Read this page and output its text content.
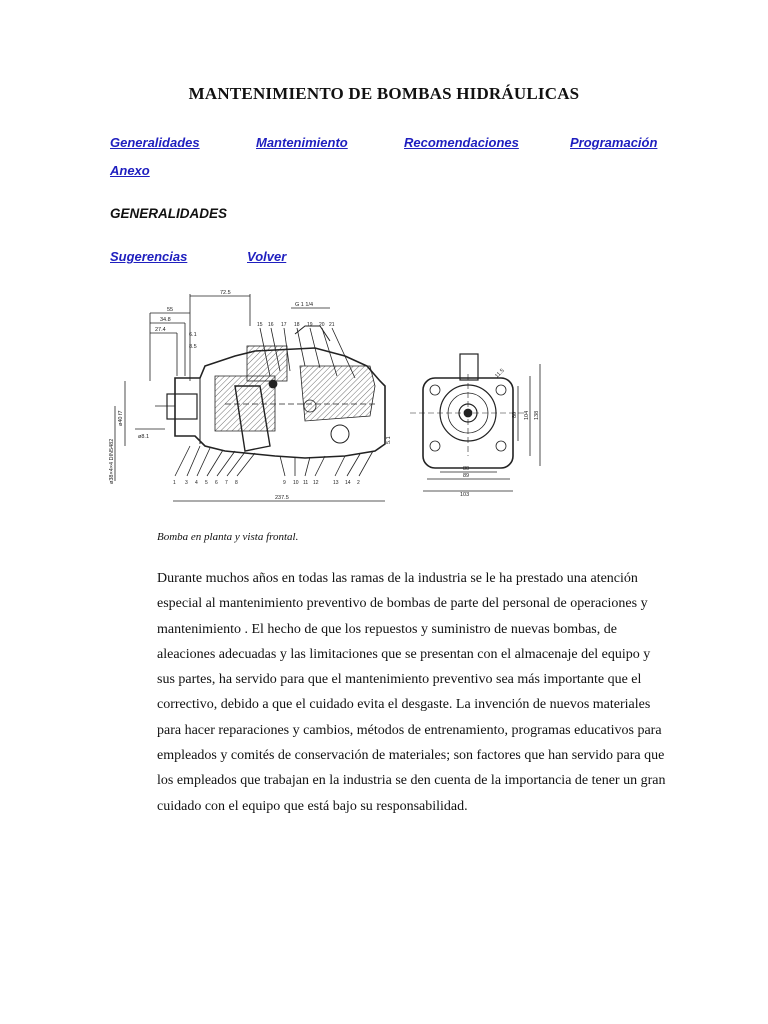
MANTENIMIENTO DE BOMBAS HIDRÁULICAS
Generalidades	Mantenimiento	Recomendaciones	Programación
Anexo
GENERALIDADES
Sugerencias	Volver
55
72.5
34.8
27.4
6.1
8.5
G 1 1/4
ø40 f7
ø8.1
ø38×4×4 DIN5482
237.5
5.1
15 16 17 18 19 20 21
1 3 4 5 6 7 8	9 10 11 12	13 14 2
80
89
103
80 104 138
11.5
Bomba en planta y vista frontal.

Durante muchos años en todas las ramas de la industria se le ha prestado una atención especial al mantenimiento preventivo de bombas de parte del personal de operaciones y mantenimiento . El hecho de que los repuestos y suministro de nuevas bombas, de aleaciones adecuadas y las limitaciones que se presentan con el almacenaje del equipo y sus partes, ha servido para que el mantenimiento preventivo sea más importante que el correctivo, debido a que el cuidado evita el desgaste. La invención de nuevos materiales para hacer reparaciones y cambios, métodos de entrenamiento, programas educativos para empleados y comités de conservación de materiales; son factores que han servido para que los empleados que trabajan en la industria se den cuenta de la importancia de tener un gran cuidado con el equipo que está bajo su responsabilidad.
